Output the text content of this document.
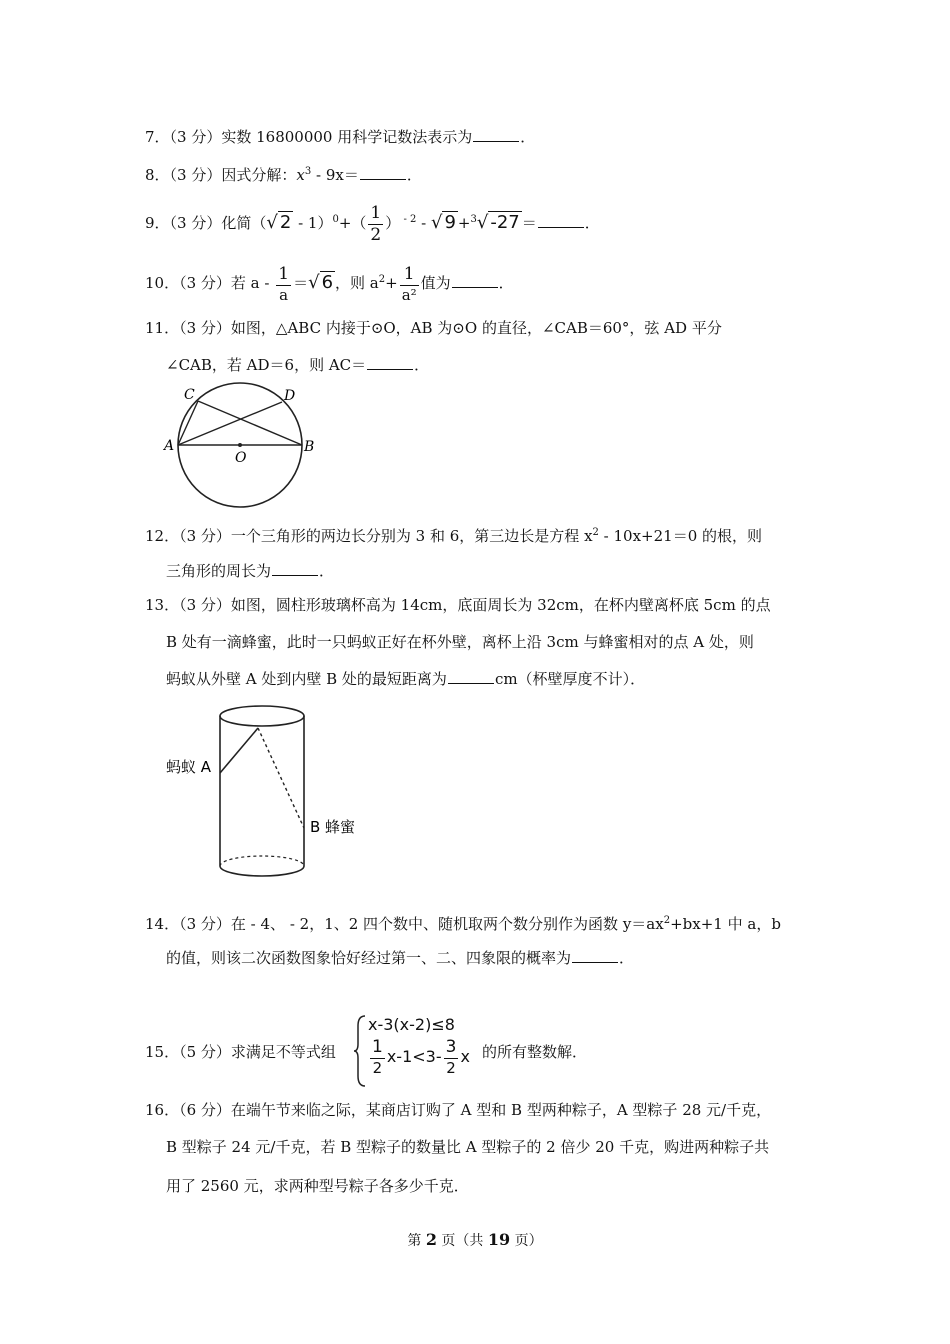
7．（3 分）实数 16800000 用科学记数法表示为	．
8．（3 分）因式分解：$x^3 - 9x=$	．
9．（3 分）化简（√ $2 - 1)^0+( \frac{1}{2}$ ） $^{- 2}$ - √ 9 +$^3$√ -27 ＝	．
10．（3 分）若 a - $\frac{1}{a}$ ＝√ 6 ，则 $a^2+ \frac{1}{\text{a²}}$ 值为	．
11．（3 分）如图，△ABC 内接于⊙O，AB 为⊙O 的直径，∠CAB＝60°，弦 AD 平分
∠CAB，若 AD＝6，则 AC＝	．
C	D
A	B
O
12．（3 分）一个三角形的两边长分别为 3 和 6，第三边长是方程 $x^2 - 10x+21=0$ 的根，则
三角形的周长为	．
13．（3 分）如图，圆柱形玻璃杯高为 14cm，底面周长为 32cm，在杯内壁离杯底 5cm 的点
B 处有一滴蜂蜜，此时一只蚂蚁正好在杯外壁，离杯上沿 3cm 与蜂蜜相对的点 A 处，则
蚂蚁从外壁 A 处到内壁 B 处的最短距离为	cm（杯壁厚度不计）．
蚂蚁 A
B 蜂蜜
14．（3 分）在 - 4、 - 2，1、2 四个数中、随机取两个数分别作为函数 $y=ax^2+bx+1$ 中 a，b
的值，则该二次函数图象恰好经过第一、二、四象限的概率为	．
15．（5 分）求满足不等式组
x-3(x-2)≤8
$\frac{1}{2} x-1<3- \frac{3}{2}$ x 的所有整数解．
16．（6 分）在端午节来临之际，某商店订购了 A 型和 B 型两种粽子，A 型粽子 28 元/千克，
B 型粽子 24 元/千克，若 B 型粽子的数量比 A 型粽子的 2 倍少 20 千克，购进两种粽子共
用了 2560 元，求两种型号粽子各多少千克．
第 2 页（共 19 页）
